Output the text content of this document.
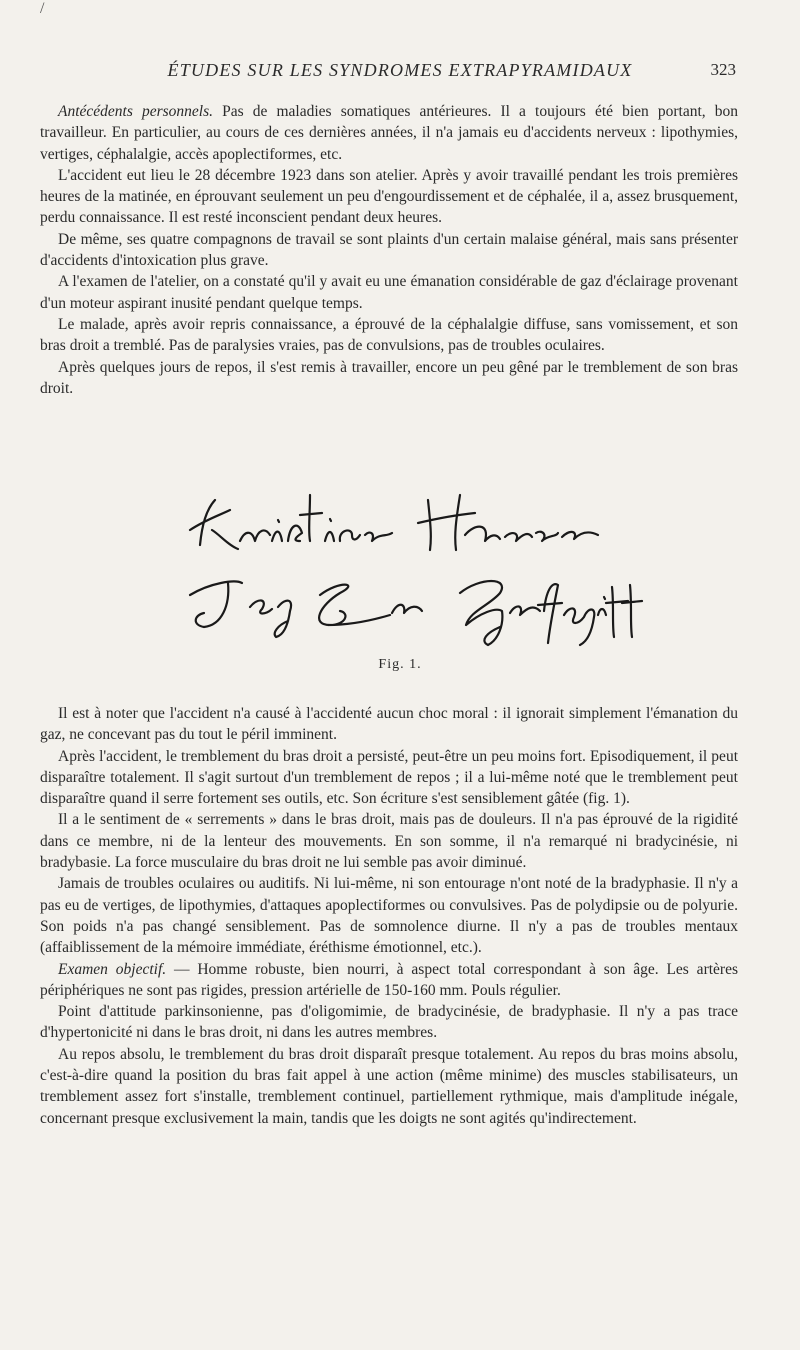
/
ÉTUDES SUR LES SYNDROMES EXTRAPYRAMIDAUX	323

Antécédents personnels. Pas de maladies somatiques antérieures. Il a toujours été bien portant, bon travailleur. En particulier, au cours de ces dernières années, il n'a jamais eu d'accidents nerveux : lipothymies, vertiges, céphalalgie, accès apoplectiformes, etc.

L'accident eut lieu le 28 décembre 1923 dans son atelier. Après y avoir travaillé pendant les trois premières heures de la matinée, en éprouvant seulement un peu d'engourdissement et de céphalée, il a, assez brusquement, perdu connaissance. Il est resté inconscient pendant deux heures.

De même, ses quatre compagnons de travail se sont plaints d'un certain malaise général, mais sans présenter d'accidents d'intoxication plus grave.

A l'examen de l'atelier, on a constaté qu'il y avait eu une émanation considérable de gaz d'éclairage provenant d'un moteur aspirant inusité pendant quelque temps.

Le malade, après avoir repris connaissance, a éprouvé de la céphalalgie diffuse, sans vomissement, et son bras droit a tremblé. Pas de paralysies vraies, pas de convulsions, pas de troubles oculaires.

Après quelques jours de repos, il s'est remis à travailler, encore un peu gêné par le tremblement de son bras droit.

Fig. 1.

Il est à noter que l'accident n'a causé à l'accidenté aucun choc moral : il ignorait simplement l'émanation du gaz, ne concevant pas du tout le péril imminent.

Après l'accident, le tremblement du bras droit a persisté, peut-être un peu moins fort. Episodiquement, il peut disparaître totalement. Il s'agit surtout d'un tremblement de repos ; il a lui-même noté que le tremblement peut disparaître quand il serre fortement ses outils, etc. Son écriture s'est sensiblement gâtée (fig. 1).

Il a le sentiment de « serrements » dans le bras droit, mais pas de douleurs. Il n'a pas éprouvé de la rigidité dans ce membre, ni de la lenteur des mouvements. En son somme, il n'a remarqué ni bradycinésie, ni bradybasie. La force musculaire du bras droit ne lui semble pas avoir diminué.

Jamais de troubles oculaires ou auditifs. Ni lui-même, ni son entourage n'ont noté de la bradyphasie. Il n'y a pas eu de vertiges, de lipothymies, d'attaques apoplectiformes ou convulsives. Pas de polydipsie ou de polyurie. Son poids n'a pas changé sensiblement. Pas de somnolence diurne. Il n'y a pas de troubles mentaux (affaiblissement de la mémoire immédiate, éréthisme émotionnel, etc.).

Examen objectif. — Homme robuste, bien nourri, à aspect total correspondant à son âge. Les artères périphériques ne sont pas rigides, pression artérielle de 150-160 mm. Pouls régulier.

Point d'attitude parkinsonienne, pas d'oligomimie, de bradycinésie, de bradyphasie. Il n'y a pas trace d'hypertonicité ni dans le bras droit, ni dans les autres membres.

Au repos absolu, le tremblement du bras droit disparaît presque totalement. Au repos du bras moins absolu, c'est-à-dire quand la position du bras fait appel à une action (même minime) des muscles stabilisateurs, un tremblement assez fort s'installe, tremblement continuel, partiellement rythmique, mais d'amplitude inégale, concernant presque exclusivement la main, tandis que les doigts ne sont agités qu'indirectement.
